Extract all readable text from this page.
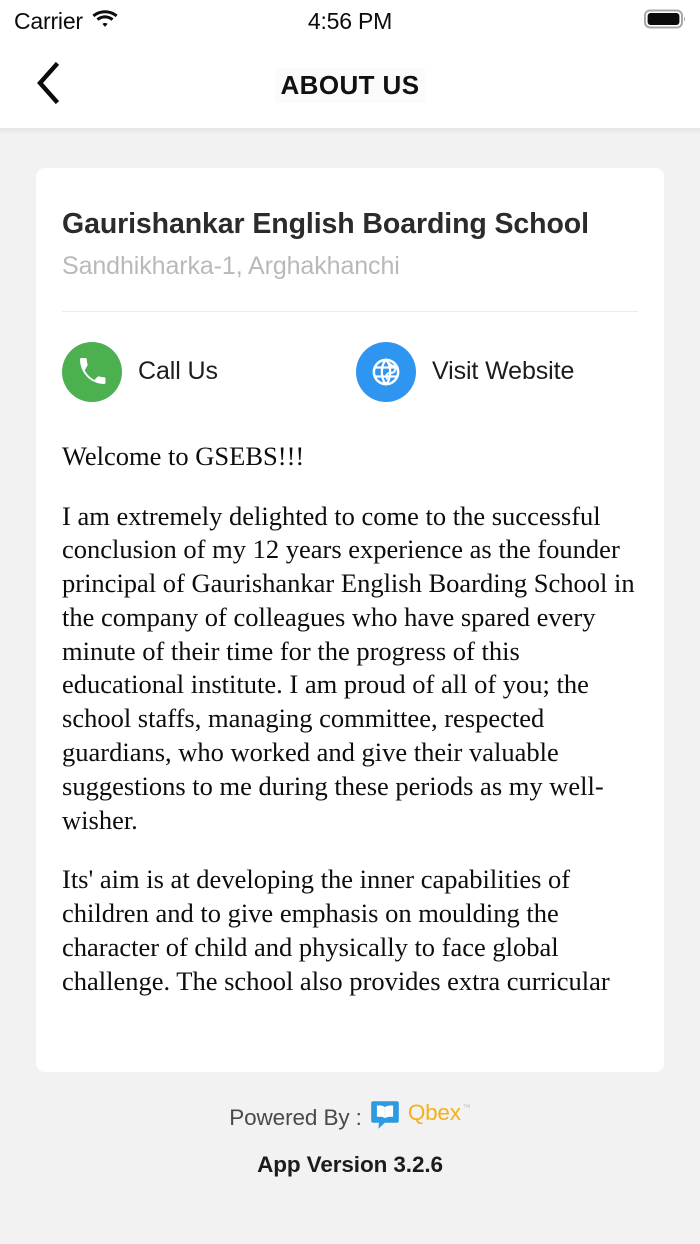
Carrier	4:56 PM
ABOUT US
Gaurishankar English Boarding School
Sandhikharka-1, Arghakhanchi
Call Us	Visit Website

Welcome to GSEBS!!!

I am extremely delighted to come to the successful conclusion of my 12 years experience as the founder principal of Gaurishankar English Boarding School in the company of colleagues who have spared every minute of their time for the progress of this educational institute. I am proud of all of you; the school staffs, managing committee, respected guardians, who worked and give their valuable suggestions to me during these periods as my well-wisher.

Its' aim is at developing the inner capabilities of children and to give emphasis on moulding the character of child and physically to face global challenge. The school also provides extra curricular

Powered By : Qbex ™
App Version 3.2.6
